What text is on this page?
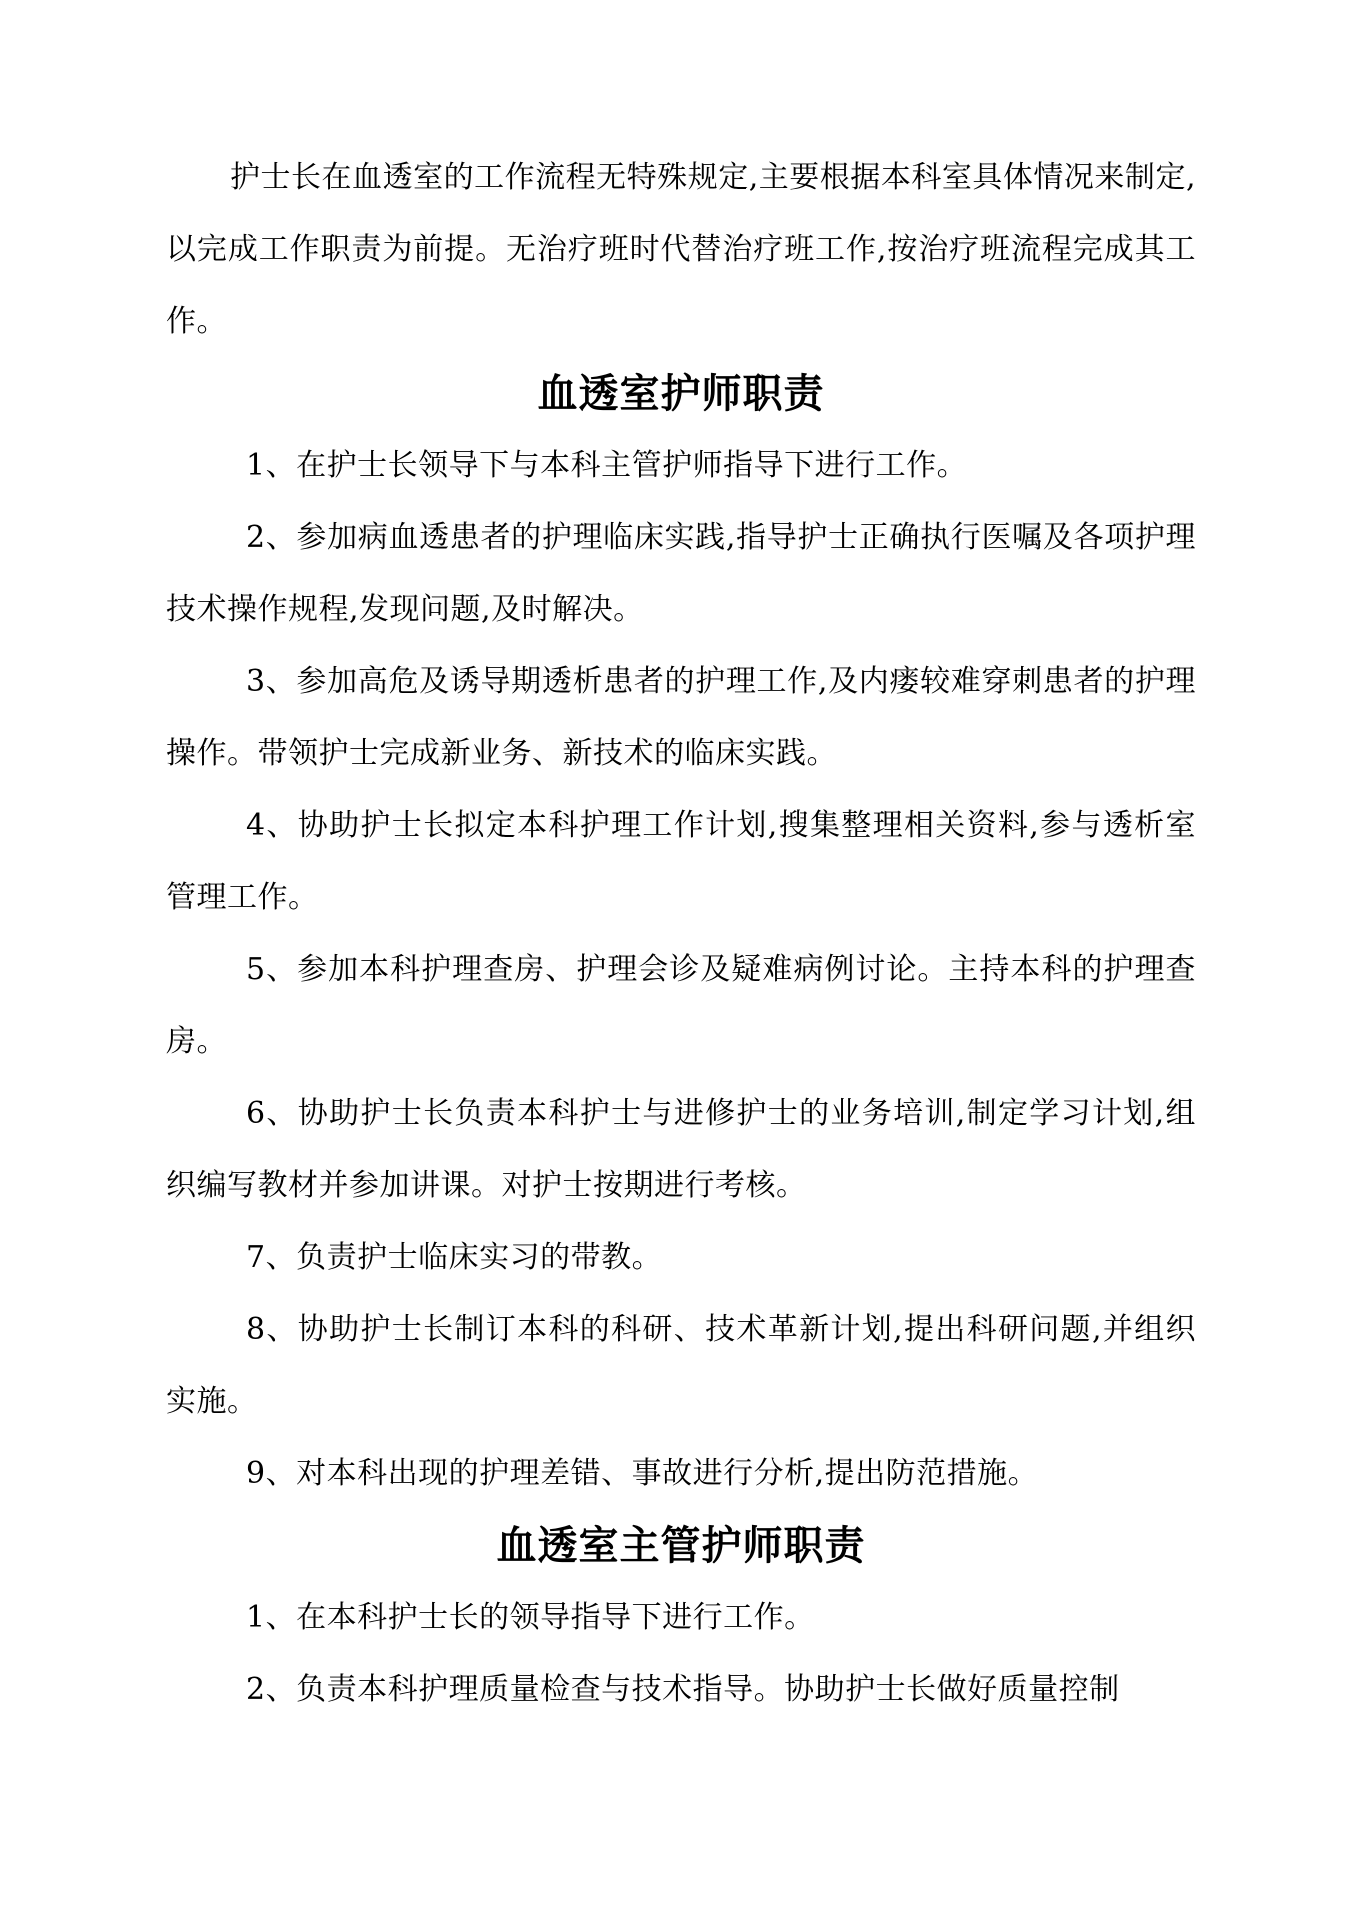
护士长在血透室的工作流程无特殊规定,主要根据本科室具体情况来制定,以完成工作职责为前提。无治疗班时代替治疗班工作,按治疗班流程完成其工作。

血透室护师职责

1、在护士长领导下与本科主管护师指导下进行工作。

2、参加病血透患者的护理临床实践,指导护士正确执行医嘱及各项护理技术操作规程,发现问题,及时解决。

3、参加高危及诱导期透析患者的护理工作,及内瘘较难穿刺患者的护理操作。带领护士完成新业务、新技术的临床实践。

4、协助护士长拟定本科护理工作计划,搜集整理相关资料,参与透析室管理工作。

5、参加本科护理查房、护理会诊及疑难病例讨论。主持本科的护理查房。

6、协助护士长负责本科护士与进修护士的业务培训,制定学习计划,组织编写教材并参加讲课。对护士按期进行考核。

7、负责护士临床实习的带教。

8、协助护士长制订本科的科研、技术革新计划,提出科研问题,并组织实施。

9、对本科出现的护理差错、事故进行分析,提出防范措施。

血透室主管护师职责

1、在本科护士长的领导指导下进行工作。

2、负责本科护理质量检查与技术指导。协助护士长做好质量控制
